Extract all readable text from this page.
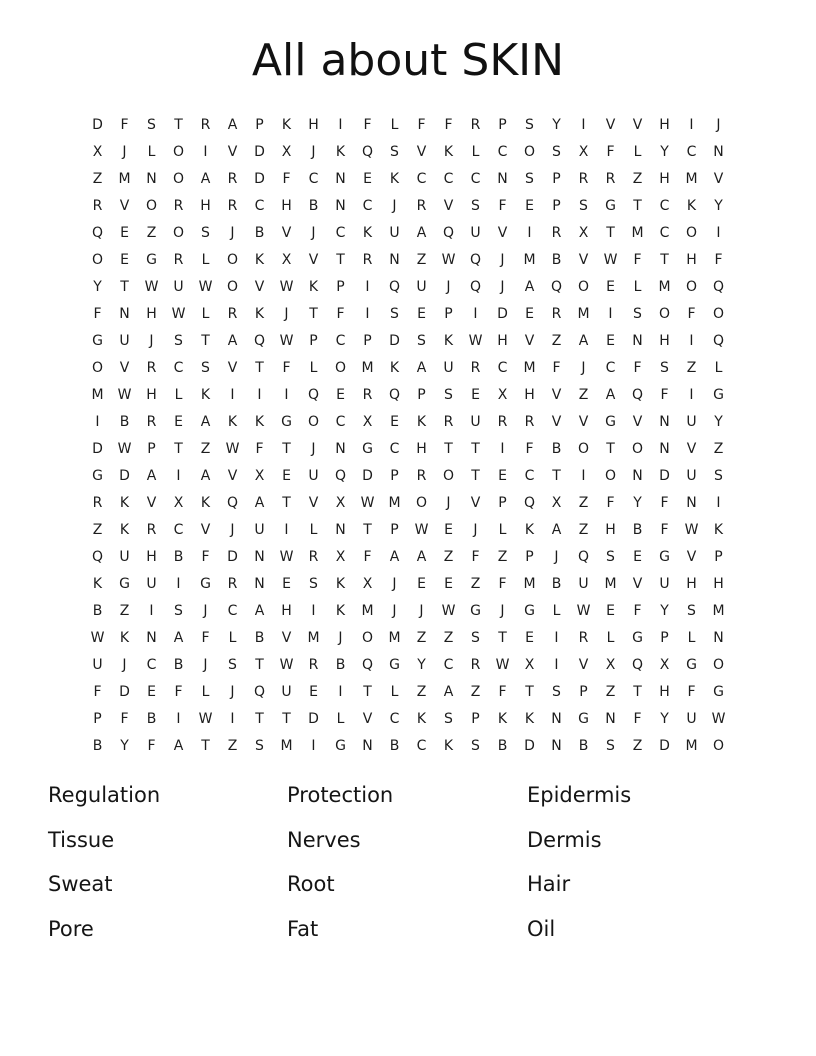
All about SKIN
D	F	S	T	R	A	P	K	H	I	F	L	F	F	R	P	S	Y	I	V	V	H	I	J
X	J	L	O	I	V	D	X	J	K	Q	S	V	K	L	C	O	S	X	F	L	Y	C	N
Z	M	N	O	A	R	D	F	C	N	E	K	C	C	C	N	S	P	R	R	Z	H	M	V
R	V	O	R	H	R	C	H	B	N	C	J	R	V	S	F	E	P	S	G	T	C	K	Y
Q	E	Z	O	S	J	B	V	J	C	K	U	A	Q	U	V	I	R	X	T	M	C	O	I
O	E	G	R	L	O	K	X	V	T	R	N	Z	W	Q	J	M	B	V	W	F	T	H	F
Y	T	W	U	W	O	V	W	K	P	I	Q	U	J	Q	J	A	Q	O	E	L	M	O	Q
F	N	H	W	L	R	K	J	T	F	I	S	E	P	I	D	E	R	M	I	S	O	F	O
G	U	J	S	T	A	Q	W	P	C	P	D	S	K	W	H	V	Z	A	E	N	H	I	Q
O	V	R	C	S	V	T	F	L	O	M	K	A	U	R	C	M	F	J	C	F	S	Z	L
M	W	H	L	K	I	I	I	Q	E	R	Q	P	S	E	X	H	V	Z	A	Q	F	I	G
I	B	R	E	A	K	K	G	O	C	X	E	K	R	U	R	R	V	V	G	V	N	U	Y
D	W	P	T	Z	W	F	T	J	N	G	C	H	T	T	I	F	B	O	T	O	N	V	Z
G	D	A	I	A	V	X	E	U	Q	D	P	R	O	T	E	C	T	I	O	N	D	U	S
R	K	V	X	K	Q	A	T	V	X	W	M	O	J	V	P	Q	X	Z	F	Y	F	N	I
Z	K	R	C	V	J	U	I	L	N	T	P	W	E	J	L	K	A	Z	H	B	F	W	K
Q	U	H	B	F	D	N	W	R	X	F	A	A	Z	F	Z	P	J	Q	S	E	G	V	P
K	G	U	I	G	R	N	E	S	K	X	J	E	E	Z	F	M	B	U	M	V	U	H	H
B	Z	I	S	J	C	A	H	I	K	M	J	J	W	G	J	G	L	W	E	F	Y	S	M
W	K	N	A	F	L	B	V	M	J	O	M	Z	Z	S	T	E	I	R	L	G	P	L	N
U	J	C	B	J	S	T	W	R	B	Q	G	Y	C	R	W	X	I	V	X	Q	X	G	O
F	D	E	F	L	J	Q	U	E	I	T	L	Z	A	Z	F	T	S	P	Z	T	H	F	G
P	F	B	I	W	I	T	T	D	L	V	C	K	S	P	K	K	N	G	N	F	Y	U	W
B	Y	F	A	T	Z	S	M	I	G	N	B	C	K	S	B	D	N	B	S	Z	D	M	O
Regulation
Tissue
Sweat
Pore
Protection
Nerves
Root
Fat
Epidermis
Dermis
Hair
Oil
